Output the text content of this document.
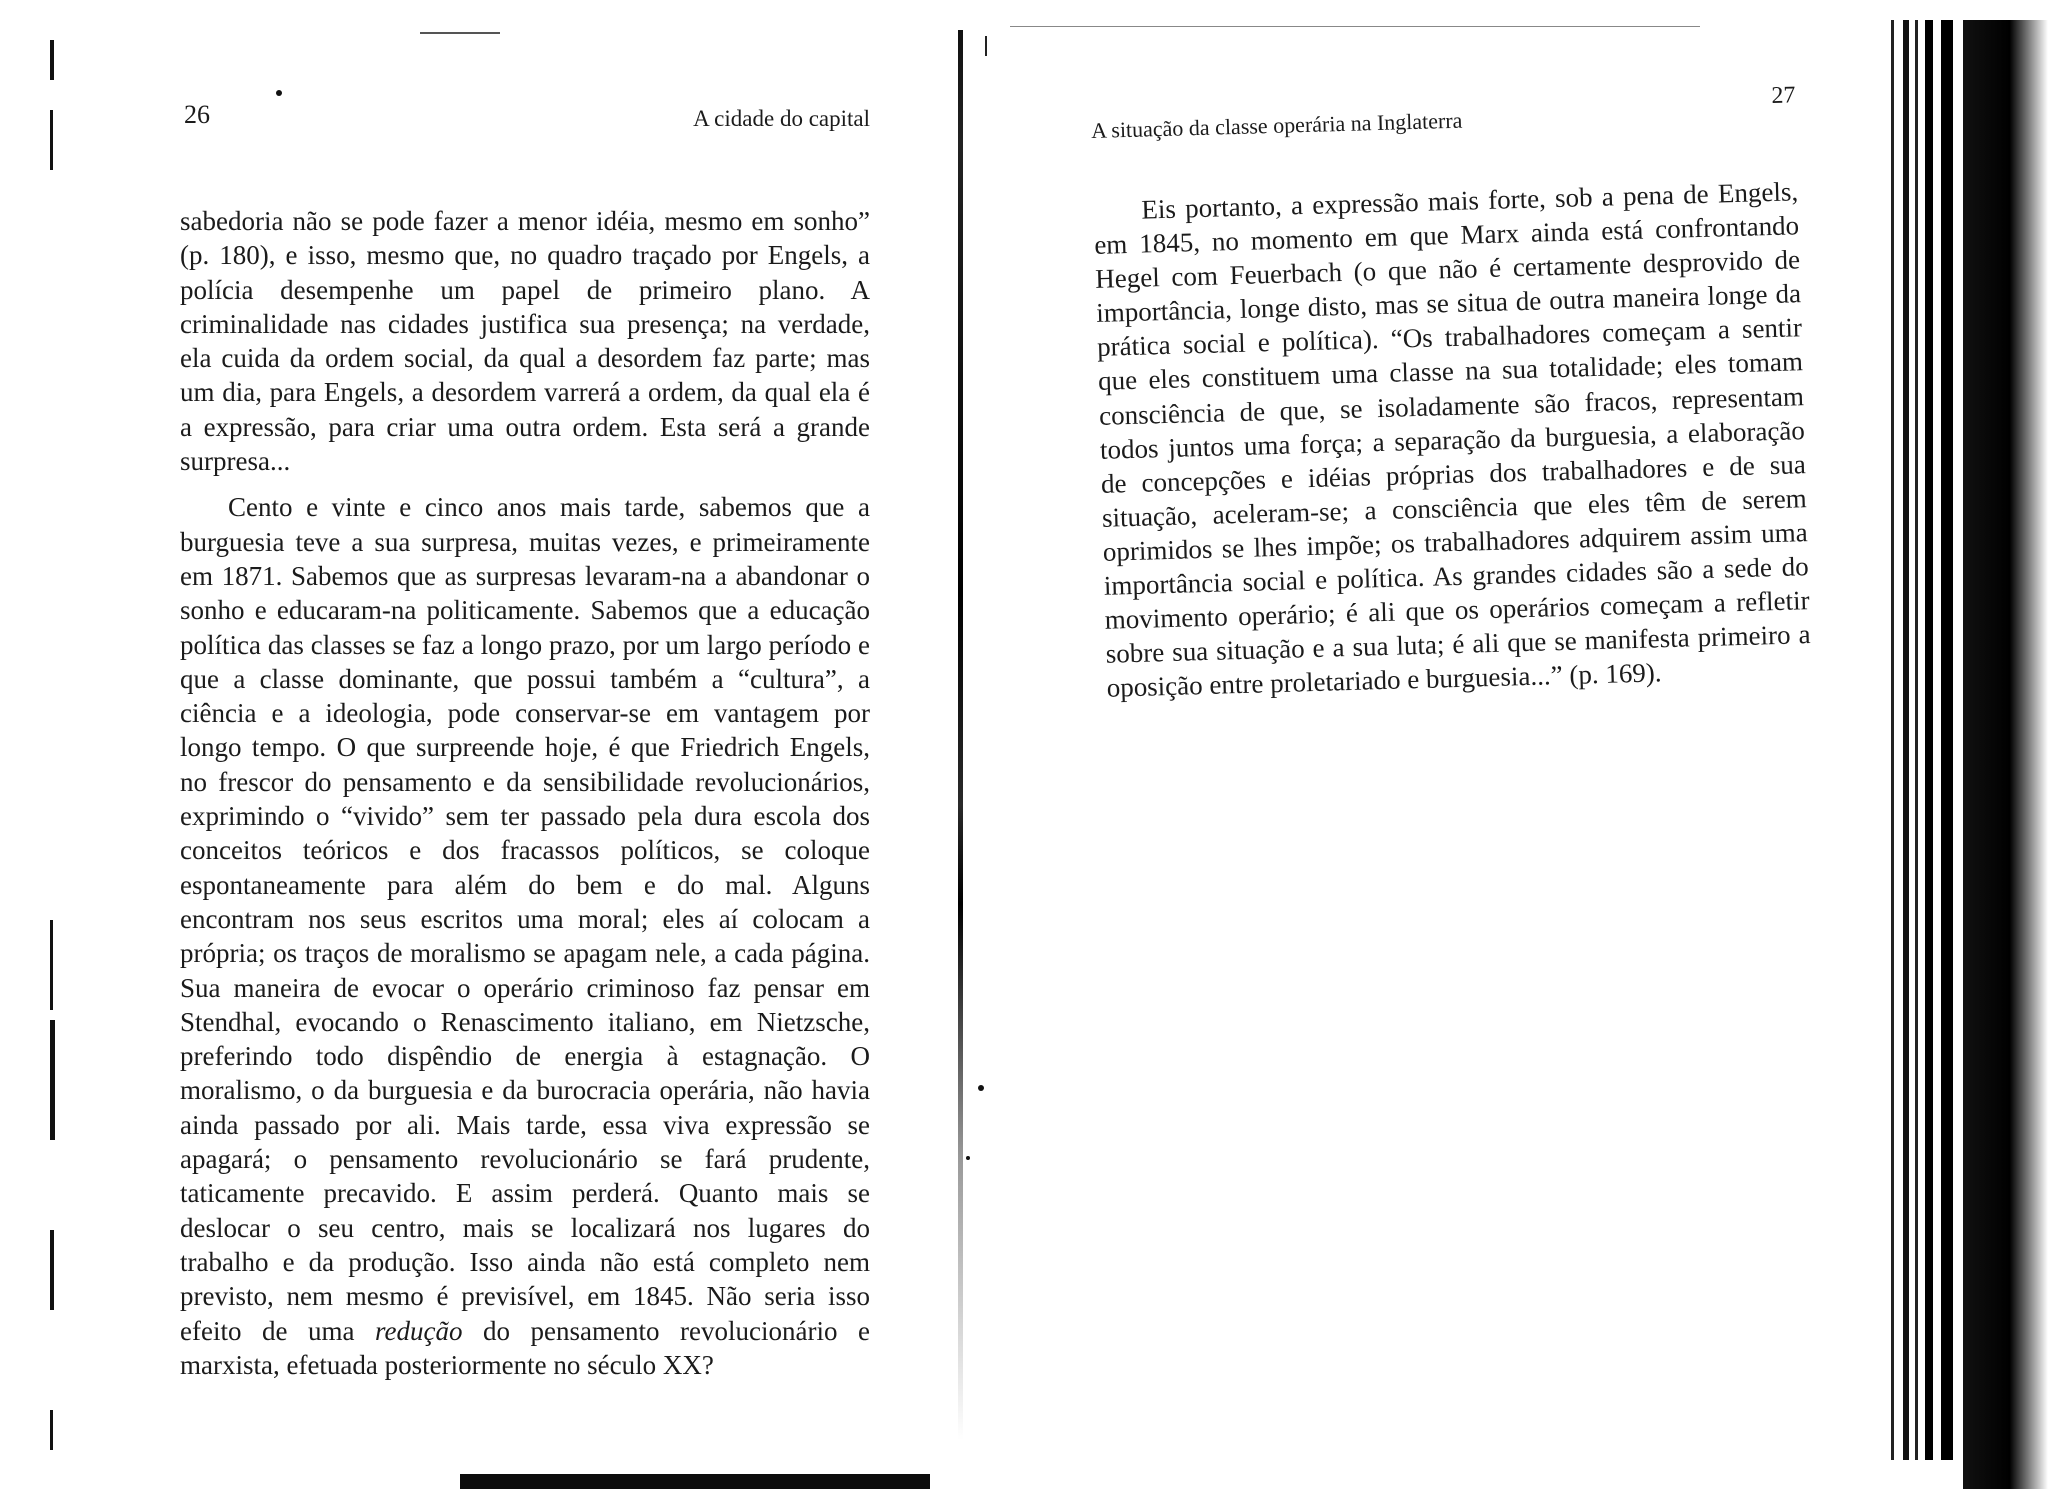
26	A cidade do capital

sabedoria não se pode fazer a menor idéia, mesmo em sonho” (p. 180), e isso, mesmo que, no quadro traçado por Engels, a polícia desempenhe um papel de primeiro plano. A criminalidade nas cidades justifica sua presença; na verdade, ela cuida da ordem social, da qual a desordem faz parte; mas um dia, para Engels, a desordem varrerá a ordem, da qual ela é a expressão, para criar uma outra ordem. Esta será a grande surpresa...

Cento e vinte e cinco anos mais tarde, sabemos que a burguesia teve a sua surpresa, muitas vezes, e primeiramente em 1871. Sabemos que as surpresas levaram-na a abandonar o sonho e educaram-na politicamente. Sabemos que a educação política das classes se faz a longo prazo, por um largo período e que a classe dominante, que possui também a “cultura”, a ciência e a ideologia, pode conservar-se em vantagem por longo tempo. O que surpreende hoje, é que Friedrich Engels, no frescor do pensamento e da sensibilidade revolucionários, exprimindo o “vivido” sem ter passado pela dura escola dos conceitos teóricos e dos fracassos políticos, se coloque espontaneamente para além do bem e do mal. Alguns encontram nos seus escritos uma moral; eles aí colocam a própria; os traços de moralismo se apagam nele, a cada página. Sua maneira de evocar o operário criminoso faz pensar em Stendhal, evocando o Renascimento italiano, em Nietzsche, preferindo todo dispêndio de energia à estagnação. O moralismo, o da burguesia e da burocracia operária, não havia ainda passado por ali. Mais tarde, essa viva expressão se apagará; o pensamento revolucionário se fará prudente, taticamente precavido. E assim perderá. Quanto mais se deslocar o seu centro, mais se localizará nos lugares do trabalho e da produção. Isso ainda não está completo nem previsto, nem mesmo é previsível, em 1845. Não seria isso efeito de uma redução do pensamento revolucionário e marxista, efetuada posteriormente no século XX?

A situação da classe operária na Inglaterra
27

Eis portanto, a expressão mais forte, sob a pena de Engels, em 1845, no momento em que Marx ainda está confrontando Hegel com Feuerbach (o que não é certamente desprovido de importância, longe disto, mas se situa de outra maneira longe da prática social e política). “Os trabalhadores começam a sentir que eles constituem uma classe na sua totalidade; eles tomam consciência de que, se isoladamente são fracos, representam todos juntos uma força; a separação da burguesia, a elaboração de concepções e idéias próprias dos trabalhadores e de sua situação, aceleram-se; a consciência que eles têm de serem oprimidos se lhes impõe; os trabalhadores adquirem assim uma importância social e política. As grandes cidades são a sede do movimento operário; é ali que os operários começam a refletir sobre sua situação e a sua luta; é ali que se manifesta primeiro a oposição entre proletariado e burguesia...” (p. 169).
